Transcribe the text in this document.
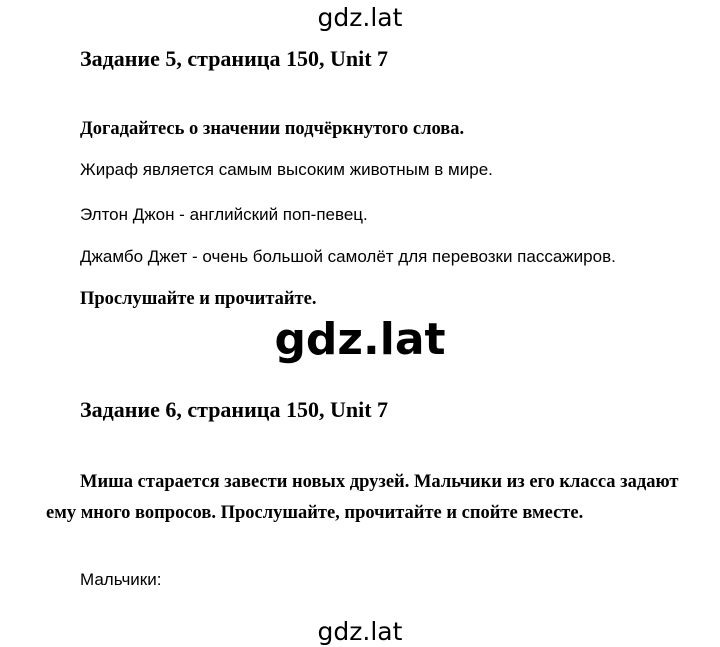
gdz.lat
Задание 5, страница 150, Unit 7
Догадайтесь о значении подчёркнутого слова.
Жираф является самым высоким животным в мире.
Элтон Джон - английский поп-певец.
Джамбо Джет - очень большой самолёт для перевозки пассажиров.
Прослушайте и прочитайте.
gdz.lat
Задание 6, страница 150, Unit 7
Миша старается завести новых друзей. Мальчики из его класса задают ему много вопросов. Прослушайте, прочитайте и спойте вместе.
Мальчики:
gdz.lat
